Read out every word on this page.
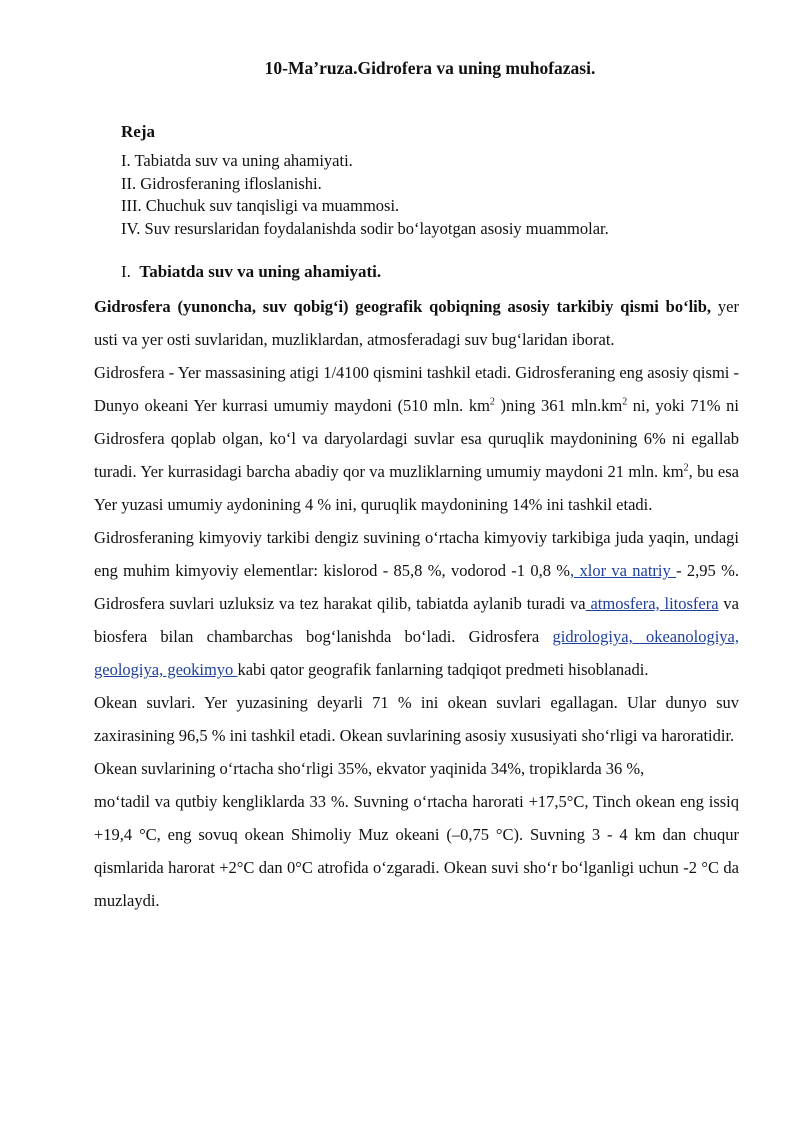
10-Ma’ruza.Gidrofera va uning muhofazasi.
Reja
I. Tabiatda suv va uning ahamiyati.
II. Gidrosferaning ifloslanishi.
III. Chuchuk suv tanqisligi va muammosi.
IV. Suv resurslaridan foydalanishda sodir bo‘layotgan asosiy muammolar.
I. Tabiatda suv va uning ahamiyati.

Gidrosfera (yunoncha, suv qobig‘i) geografik qobiqning asosiy tarkibiy qismi bo‘lib, yer usti va yer osti suvlaridan, muzliklardan, atmosferadagi suv bug‘laridan iborat.

Gidrosfera - Yer massasining atigi 1/4100 qismini tashkil etadi. Gidrosferaning eng asosiy qismi - Dunyo okeani Yer kurrasi umumiy maydoni (510 mln. $km^2$ )ning 361 $mln.km^2$ ni, yoki 71% ni Gidrosfera qoplab olgan, ko‘l va daryolardagi suvlar esa quruqlik maydonining 6% ni egallab turadi. Yer kurrasidagi barcha abadiy qor va muzliklarning umumiy maydoni 21 mln. $km^2$, bu esa Yer yuzasi umumiy aydonining 4 % ini, quruqlik maydonining 14% ini tashkil etadi.

Gidrosferaning kimyoviy tarkibi dengiz suvining o‘rtacha kimyoviy tarkibiga juda yaqin, undagi eng muhim kimyoviy elementlar: kislorod - 85,8 %, vodorod -1 0,8 %, xlor va natriy - 2,95 %. Gidrosfera suvlari uzluksiz va tez harakat qilib, tabiatda aylanib turadi va atmosfera, litosfera va biosfera bilan chambarchas bog‘lanishda bo‘ladi. Gidrosfera gidrologiya, okeanologiya, geologiya, geokimyo kabi qator geografik fanlarning tadqiqot predmeti hisoblanadi.

Okean suvlari. Yer yuzasining deyarli 71 % ini okean suvlari egallagan. Ular dunyo suv zaxirasining 96,5 % ini tashkil etadi. Okean suvlarining asosiy xususiyati sho‘rligi va haroratidir.

Okean suvlarining o‘rtacha sho‘rligi 35%, ekvator yaqinida 34%, tropiklarda 36 %,

mo‘tadil va qutbiy kengliklarda 33 %. Suvning o‘rtacha harorati +17,5°C, Tinch okean eng issiq +19,4 °C, eng sovuq okean Shimoliy Muz okeani (–0,75 °C). Suvning 3 - 4 km dan chuqur qismlarida harorat +2°C dan 0°C atrofida o‘zgaradi. Okean suvi sho‘r bo‘lganligi uchun -2 °C da muzlaydi.
